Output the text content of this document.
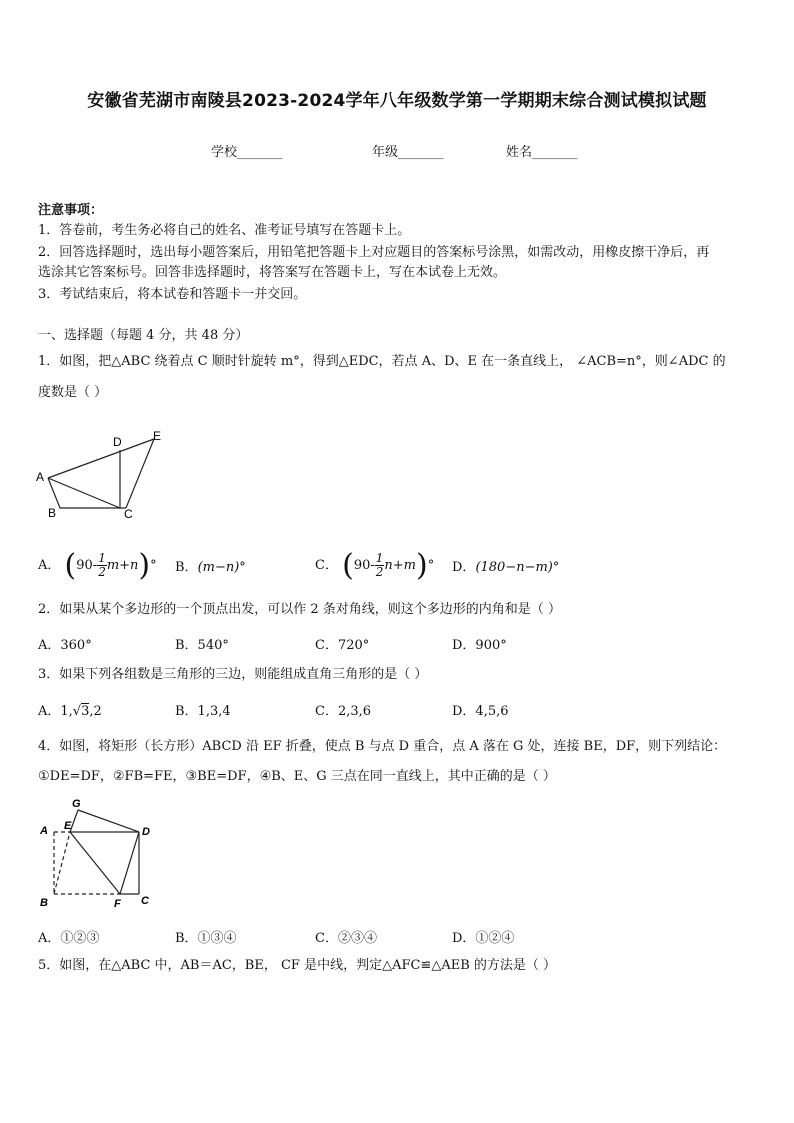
安徽省芜湖市南陵县2023-2024学年八年级数学第一学期期末综合测试模拟试题
学校_______	年级_______	姓名_______
注意事项：
1．答卷前，考生务必将自己的姓名、准考证号填写在答题卡上。
2．回答选择题时，选出每小题答案后，用铅笔把答题卡上对应题目的答案标号涂黑，如需改动，用橡皮擦干净后，再
选涂其它答案标号。回答非选择题时，将答案写在答题卡上，写在本试卷上无效。
3．考试结束后，将本试卷和答题卡一并交回。
一、选择题（每题 4 分，共 48 分）
1．如图，把△ABC 绕着点 C 顺时针旋转 m°，得到△EDC，若点 A、D、E 在一条直线上， ∠ACB=n°，则∠ADC 的
度数是（ ）
A
B	C
D	E
A． $(90- \frac{1}{2} m+n)^\circ$ B．(m−n)°	C． $(90- \frac{1}{2} n+m)^\circ$ D．(180−n−m)°
2．如果从某个多边形的一个顶点出发，可以作 2 条对角线，则这个多边形的内角和是（ ）
A．360°	B．540°	C．720°	D．900°
3．如果下列各组数是三角形的三边，则能组成直角三角形的是（ ）
A．1,√3,2	B．1,3,4	C．2,3,6	D．4,5,6
4．如图，将矩形（长方形）ABCD 沿 EF 折叠，使点 B 与点 D 重合，点 A 落在 G 处，连接 BE，DF，则下列结论：
①DE=DF，②FB=FE，③BE=DF，④B、E、G 三点在同一直线上，其中正确的是（ ）
A E
G
D
B	F C
A．①②③	B．①③④	C．②③④	D．①②④
5．如图，在△ABC 中，AB＝AC，BE， CF 是中线，判定△AFC≌△AEB 的方法是（ ）
